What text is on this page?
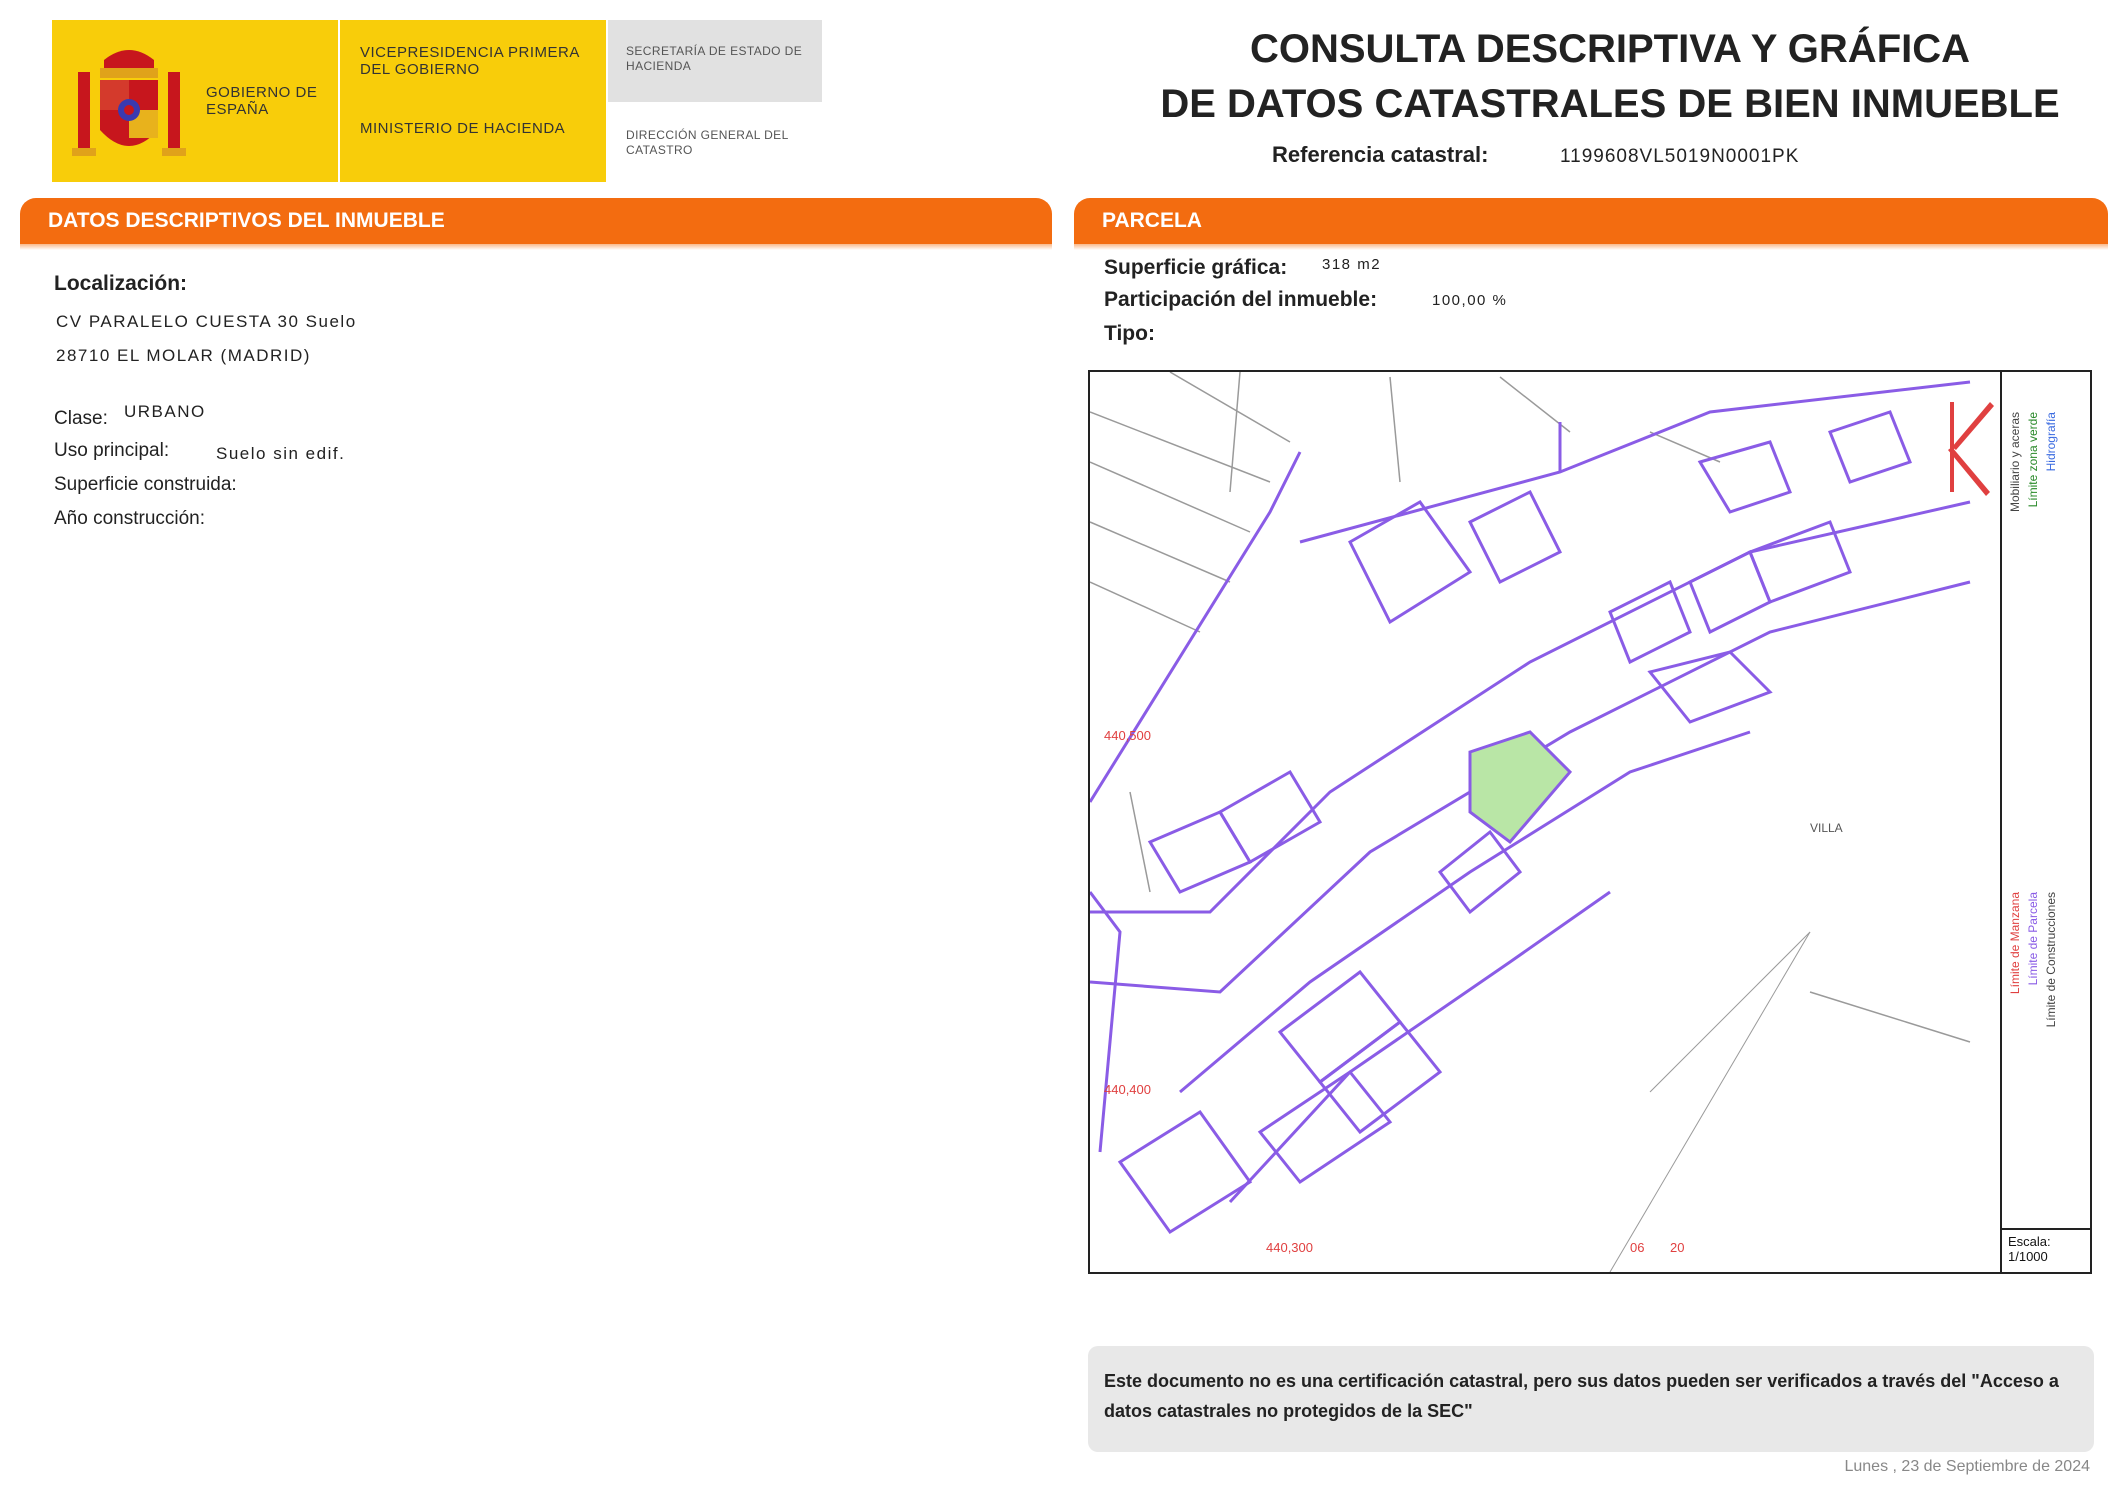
GOBIERNO DE ESPAÑA
VICEPRESIDENCIA PRIMERA DEL GOBIERNO
MINISTERIO DE HACIENDA
SECRETARÍA DE ESTADO DE HACIENDA
DIRECCIÓN GENERAL DEL CATASTRO
CONSULTA DESCRIPTIVA Y GRÁFICA
DE DATOS CATASTRALES DE BIEN INMUEBLE
Referencia catastral:	1199608VL5019N0001PK
DATOS DESCRIPTIVOS DEL INMUEBLE
Localización:
CV PARALELO CUESTA 30 Suelo
28710 EL MOLAR (MADRID)
Clase: URBANO
Uso principal:	Suelo sin edif.
Superficie construida:
Año construcción:
PARCELA
Superficie gráfica: 318 m2
Participación del inmueble:	100,00 %
Tipo:
440,500
440,400
440,300	06 20
VILLA
Límite de Manzana Límite de Parcela Límite de Construcciones
Mobiliario y aceras Límite zona verde Hidrografía
Escala:
1/1000
Este documento no es una certificación catastral, pero sus datos pueden ser verificados a través del "Acceso a datos catastrales no protegidos de la SEC"
Lunes , 23 de Septiembre de 2024
